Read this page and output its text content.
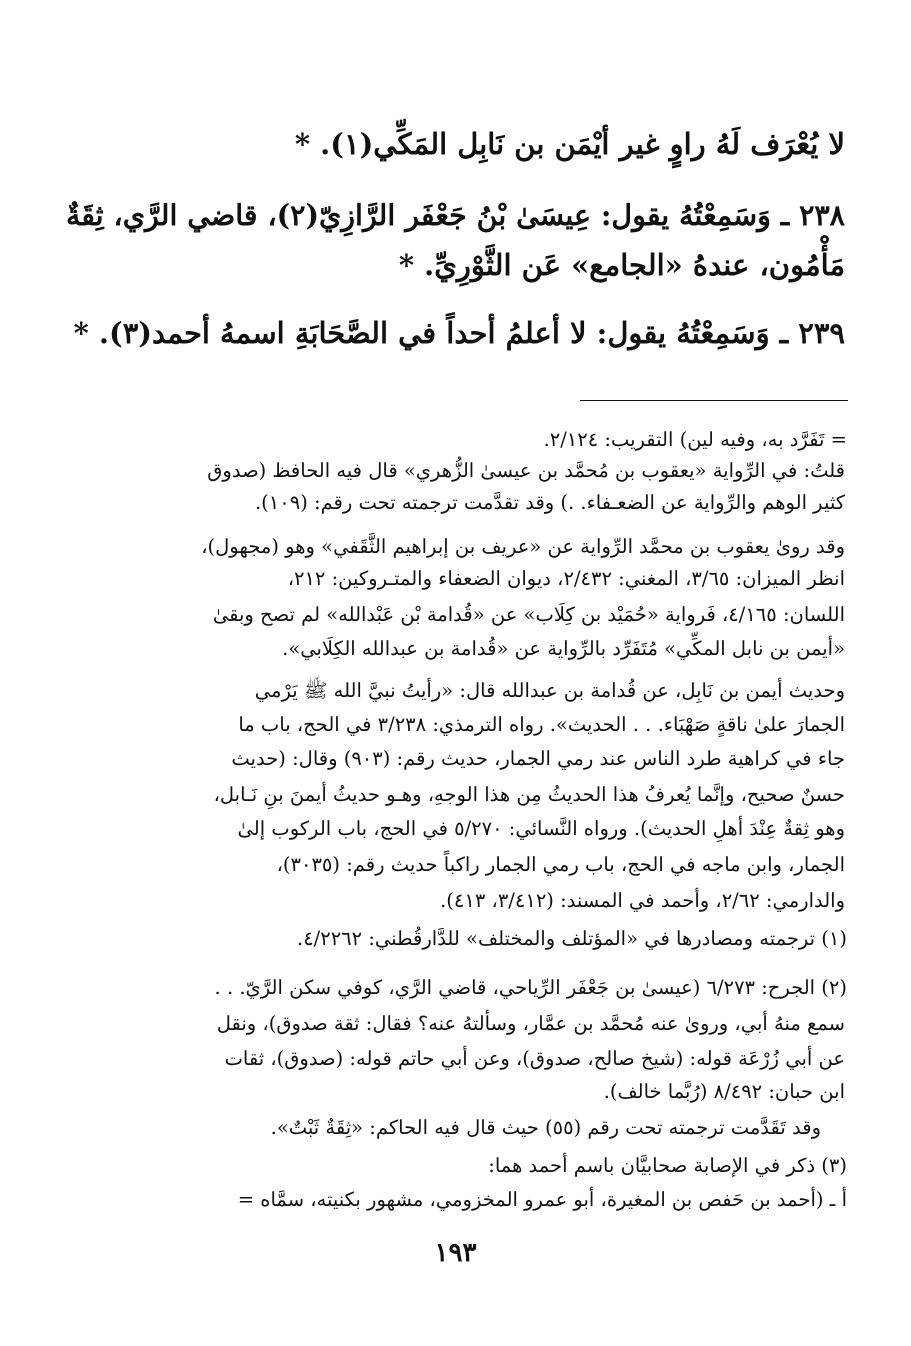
لا يُعْرَف لَهُ راوٍ غير أيْمَن بن نَابِل المَكِّي(١). *
٢٣٨ ـ وَسَمِعْتُهُ يقول: عِيسَىٰ بْنُ جَعْفَر الرَّازِيّ(٢)، قاضي الرَّي، ثِقَةٌ
مَأْمُون، عندهُ «الجامع» عَن الثَّوْرِيِّ. *
٢٣٩ ـ وَسَمِعْتُهُ يقول: لا أعلمُ أحداً في الصَّحَابَةِ اسمهُ أحمد(٣). *
= تَفَرَّد به، وفيه لين) التقريب: ٢/١٢٤.
قلتُ: في الرِّواية «يعقوب بن مُحمَّد بن عيسىٰ الزُّهري» قال فيه الحافظ (صدوق
كثير الوهم والرِّواية عن الضعـفاء. .) وقد تقدَّمت ترجمته تحت رقم: (١٠٩).
وقد روىٰ يعقوب بن محمَّد الرِّواية عن «عريف بن إبراهيم الثَّقَفي» وهو (مجهول)،
انظر الميزان: ٣/٦٥، المغني: ٢/٤٣٢، ديوان الضعفاء والمتـروكين: ٢١٢،
اللسان: ٤/١٦٥، فَرواية «حُمَيْد بن كِلَاب» عن «قُدامة بْن عَبْدالله» لم تصح وبقىٰ
«أيمن بن نابل المكِّي» مُتَفَرِّد بالرِّواية عن «قُدامة بن عبدالله الكِلَابي».
وحديث أيمن بن نَابِل، عن قُدامة بن عبدالله قال: «رأيتُ نبيَّ الله ﷺ يَرْمي
الجمارَ علىٰ ناقةٍ صَهْبَاء. . . الحديث». رواه الترمذي: ٣/٢٣٨ في الحج، باب ما
جاء في كراهية طرد الناس عند رمي الجمار، حديث رقم: (٩٠٣) وقال: (حديث
حسنٌ صحيح، وإنَّما يُعرفُ هذا الحديثُ مِن هذا الوجهِ، وهـو حديثُ أيمنَ بنِ نَـابل،
وهو ثِقةٌ عِنْدَ أهلِ الحديث). ورواه النَّسائي: ٥/٢٧٠ في الحج، باب الركوب إلىٰ
الجمار، وابن ماجه في الحج، باب رمي الجمار راكباً حديث رقم: (٣٠٣٥)،
والدارمي: ٢/٦٢، وأحمد في المسند: (٣/٤١٢، ٤١٣).
(١) ترجمته ومصادرها في «المؤتلف والمختلف» للدَّارقُطني: ٤/٢٢٦٢.
(٢) الجرح: ٦/٢٧٣ (عيسىٰ بن جَعْفَر الرِّياحي، قاضي الرَّي، كوفي سكن الرَّيّ. . .
سمع منهُ أبي، وروىٰ عنه مُحمَّد بن عمَّار، وسألتهُ عنه؟ فقال: ثقة صدوق)، ونقل
عن أبي زُرْعَة قوله: (شيخ صالح، صدوق)، وعن أبي حاتم قوله: (صدوق)، ثقات
ابن حبان: ٨/٤٩٢ (رُبَّما خالف).
وقد تَقَدَّمت ترجمته تحت رقم (٥٥) حيث قال فيه الحاكم: «ثِقَةٌ ثَبْتٌ».
(٣) ذكر في الإصابة صحابيَّان باسم أحمد هما:
أ ـ (أحمد بن حَفص بن المغيرة، أبو عمرو المخزومي، مشهور بكنيته، سمَّاه =
١٩٣
